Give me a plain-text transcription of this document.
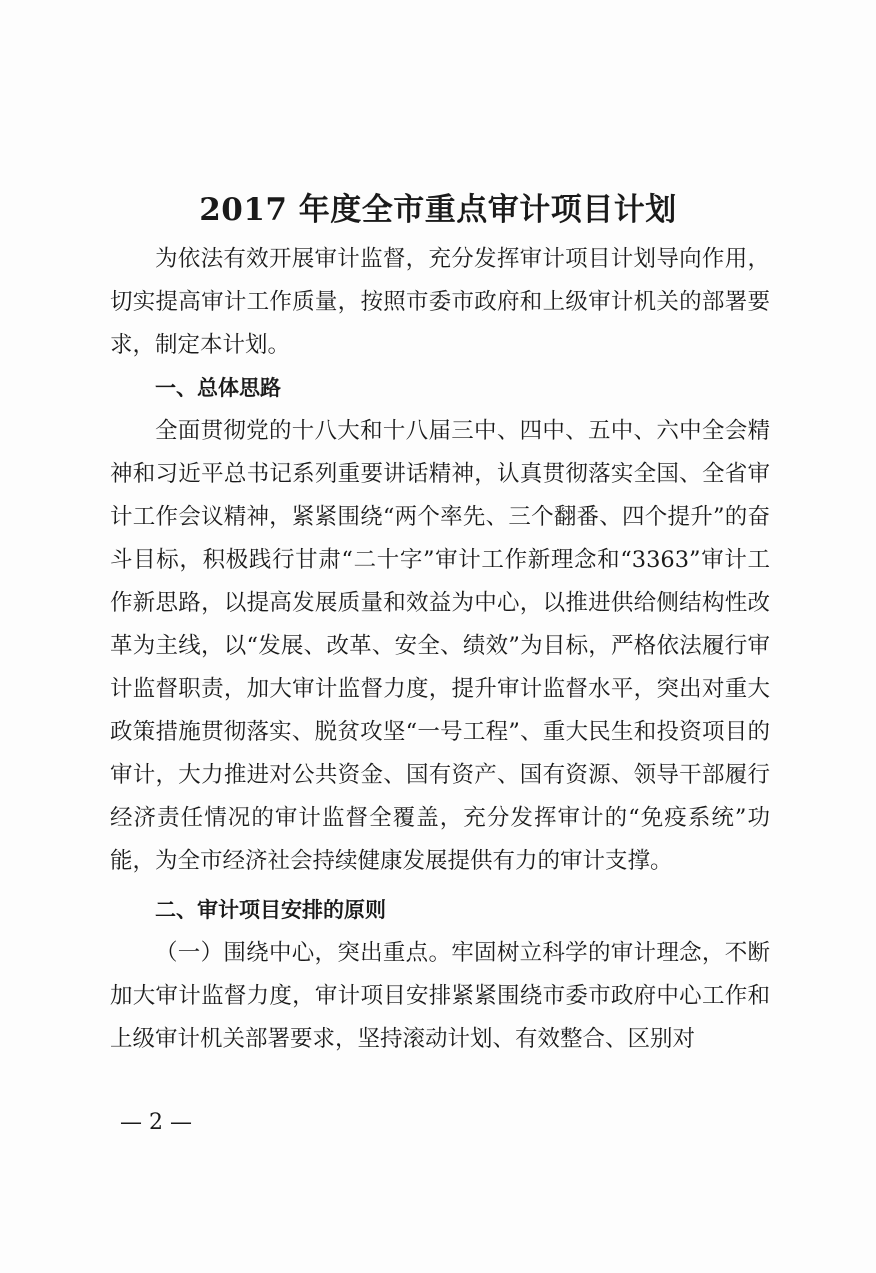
2017 年度全市重点审计项目计划

为依法有效开展审计监督，充分发挥审计项目计划导向作用，切实提高审计工作质量，按照市委市政府和上级审计机关的部署要求，制定本计划。

一、总体思路

全面贯彻党的十八大和十八届三中、四中、五中、六中全会精神和习近平总书记系列重要讲话精神，认真贯彻落实全国、全省审计工作会议精神，紧紧围绕“两个率先、三个翻番、四个提升”的奋斗目标，积极践行甘肃“二十字”审计工作新理念和“3363”审计工作新思路，以提高发展质量和效益为中心，以推进供给侧结构性改革为主线，以“发展、改革、安全、绩效”为目标，严格依法履行审计监督职责，加大审计监督力度，提升审计监督水平，突出对重大政策措施贯彻落实、脱贫攻坚“一号工程”、重大民生和投资项目的审计，大力推进对公共资金、国有资产、国有资源、领导干部履行经济责任情况的审计监督全覆盖，充分发挥审计的“免疫系统”功能，为全市经济社会持续健康发展提供有力的审计支撑。

二、审计项目安排的原则

（一）围绕中心，突出重点。牢固树立科学的审计理念，不断加大审计监督力度，审计项目安排紧紧围绕市委市政府中心工作和上级审计机关部署要求，坚持滚动计划、有效整合、区别对

— 2 —
